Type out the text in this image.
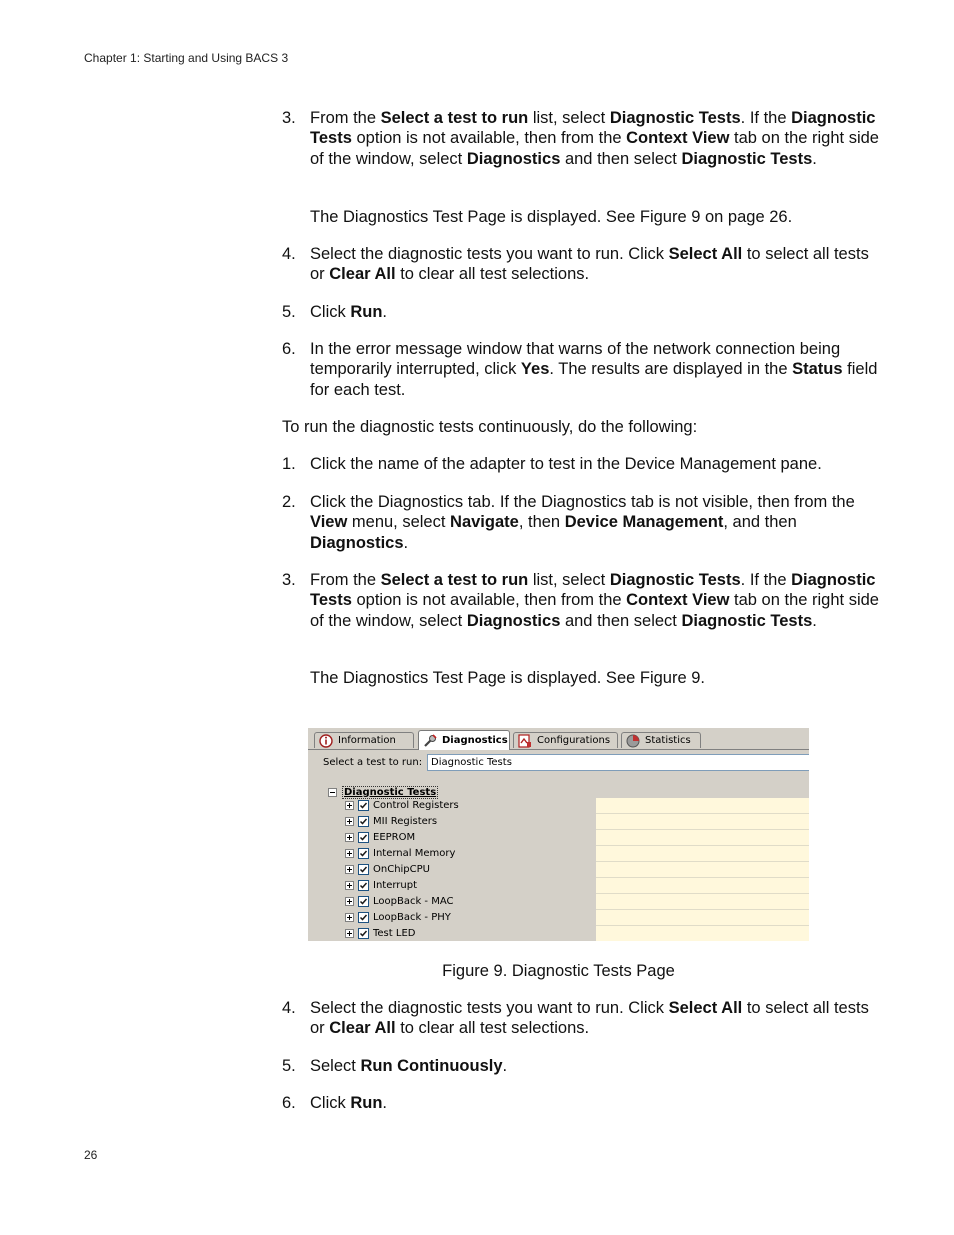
Chapter 1: Starting and Using BACS 3
3. From the Select a test to run list, select Diagnostic Tests. If the Diagnostic Tests option is not available, then from the Context View tab on the right side of the window, select Diagnostics and then select Diagnostic Tests.
The Diagnostics Test Page is displayed. See Figure 9 on page 26.
4. Select the diagnostic tests you want to run. Click Select All to select all tests or Clear All to clear all test selections.
5. Click Run.
6. In the error message window that warns of the network connection being temporarily interrupted, click Yes. The results are displayed in the Status field for each test.
To run the diagnostic tests continuously, do the following:
1. Click the name of the adapter to test in the Device Management pane.
2. Click the Diagnostics tab. If the Diagnostics tab is not visible, then from the View menu, select Navigate, then Device Management, and then Diagnostics.
3. From the Select a test to run list, select Diagnostic Tests. If the Diagnostic Tests option is not available, then from the Context View tab on the right side of the window, select Diagnostics and then select Diagnostic Tests.
The Diagnostics Test Page is displayed. See Figure 9.
Information	Diagnostics	Configurations	Statistics
Select a test to run: Diagnostic Tests
Diagnostic Tests
Control Registers
MII Registers
EEPROM
Internal Memory
OnChipCPU
Interrupt
LoopBack - MAC
LoopBack - PHY
Test LED
Figure 9. Diagnostic Tests Page
4. Select the diagnostic tests you want to run. Click Select All to select all tests or Clear All to clear all test selections.
5. Select Run Continuously.
6. Click Run.
26
